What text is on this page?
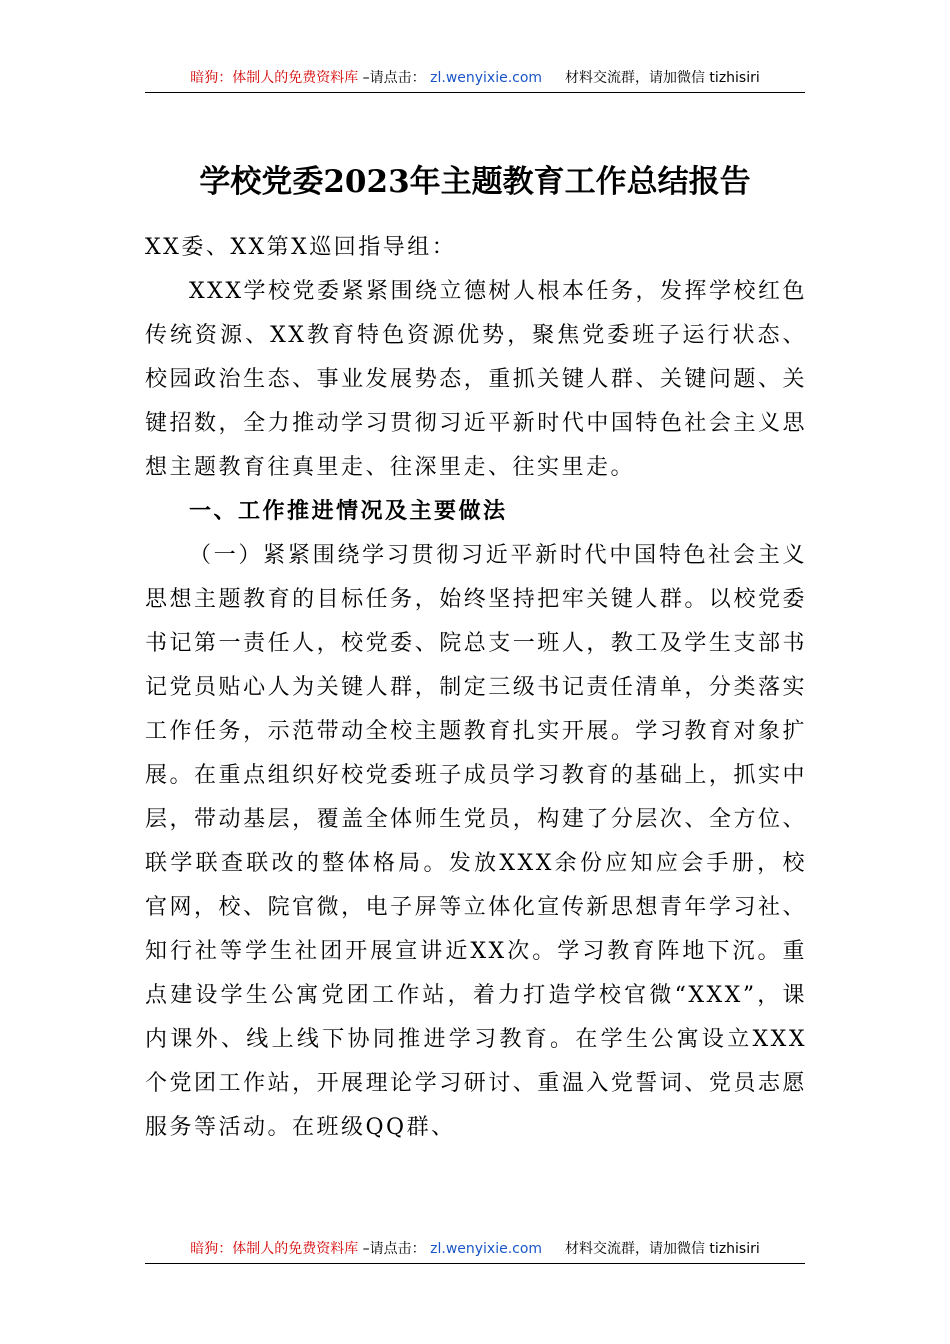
暗狗：体制人的免费资料库 –请点击： zl.wenyixie.com 材料交流群，请加微信 tizhisiri
学校党委2023年主题教育工作总结报告

XX委、XX第X巡回指导组：

XXX学校党委紧紧围绕立德树人根本任务，发挥学校红色传统资源、XX教育特色资源优势，聚焦党委班子运行状态、校园政治生态、事业发展势态，重抓关键人群、关键问题、关键招数，全力推动学习贯彻习近平新时代中国特色社会主义思想主题教育往真里走、往深里走、往实里走。

一、工作推进情况及主要做法

（一）紧紧围绕学习贯彻习近平新时代中国特色社会主义思想主题教育的目标任务，始终坚持把牢关键人群。以校党委书记第一责任人，校党委、院总支一班人，教工及学生支部书记党员贴心人为关键人群，制定三级书记责任清单，分类落实工作任务，示范带动全校主题教育扎实开展。学习教育对象扩展。在重点组织好校党委班子成员学习教育的基础上，抓实中层，带动基层，覆盖全体师生党员，构建了分层次、全方位、联学联查联改的整体格局。发放XXX余份应知应会手册，校官网，校、院官微，电子屏等立体化宣传新思想青年学习社、知行社等学生社团开展宣讲近XX次。学习教育阵地下沉。重点建设学生公寓党团工作站，着力打造学校官微“XXX”，课内课外、线上线下协同推进学习教育。在学生公寓设立XXX个党团工作站，开展理论学习研讨、重温入党誓词、党员志愿服务等活动。在班级QQ群、

暗狗：体制人的免费资料库 –请点击： zl.wenyixie.com 材料交流群，请加微信 tizhisiri
